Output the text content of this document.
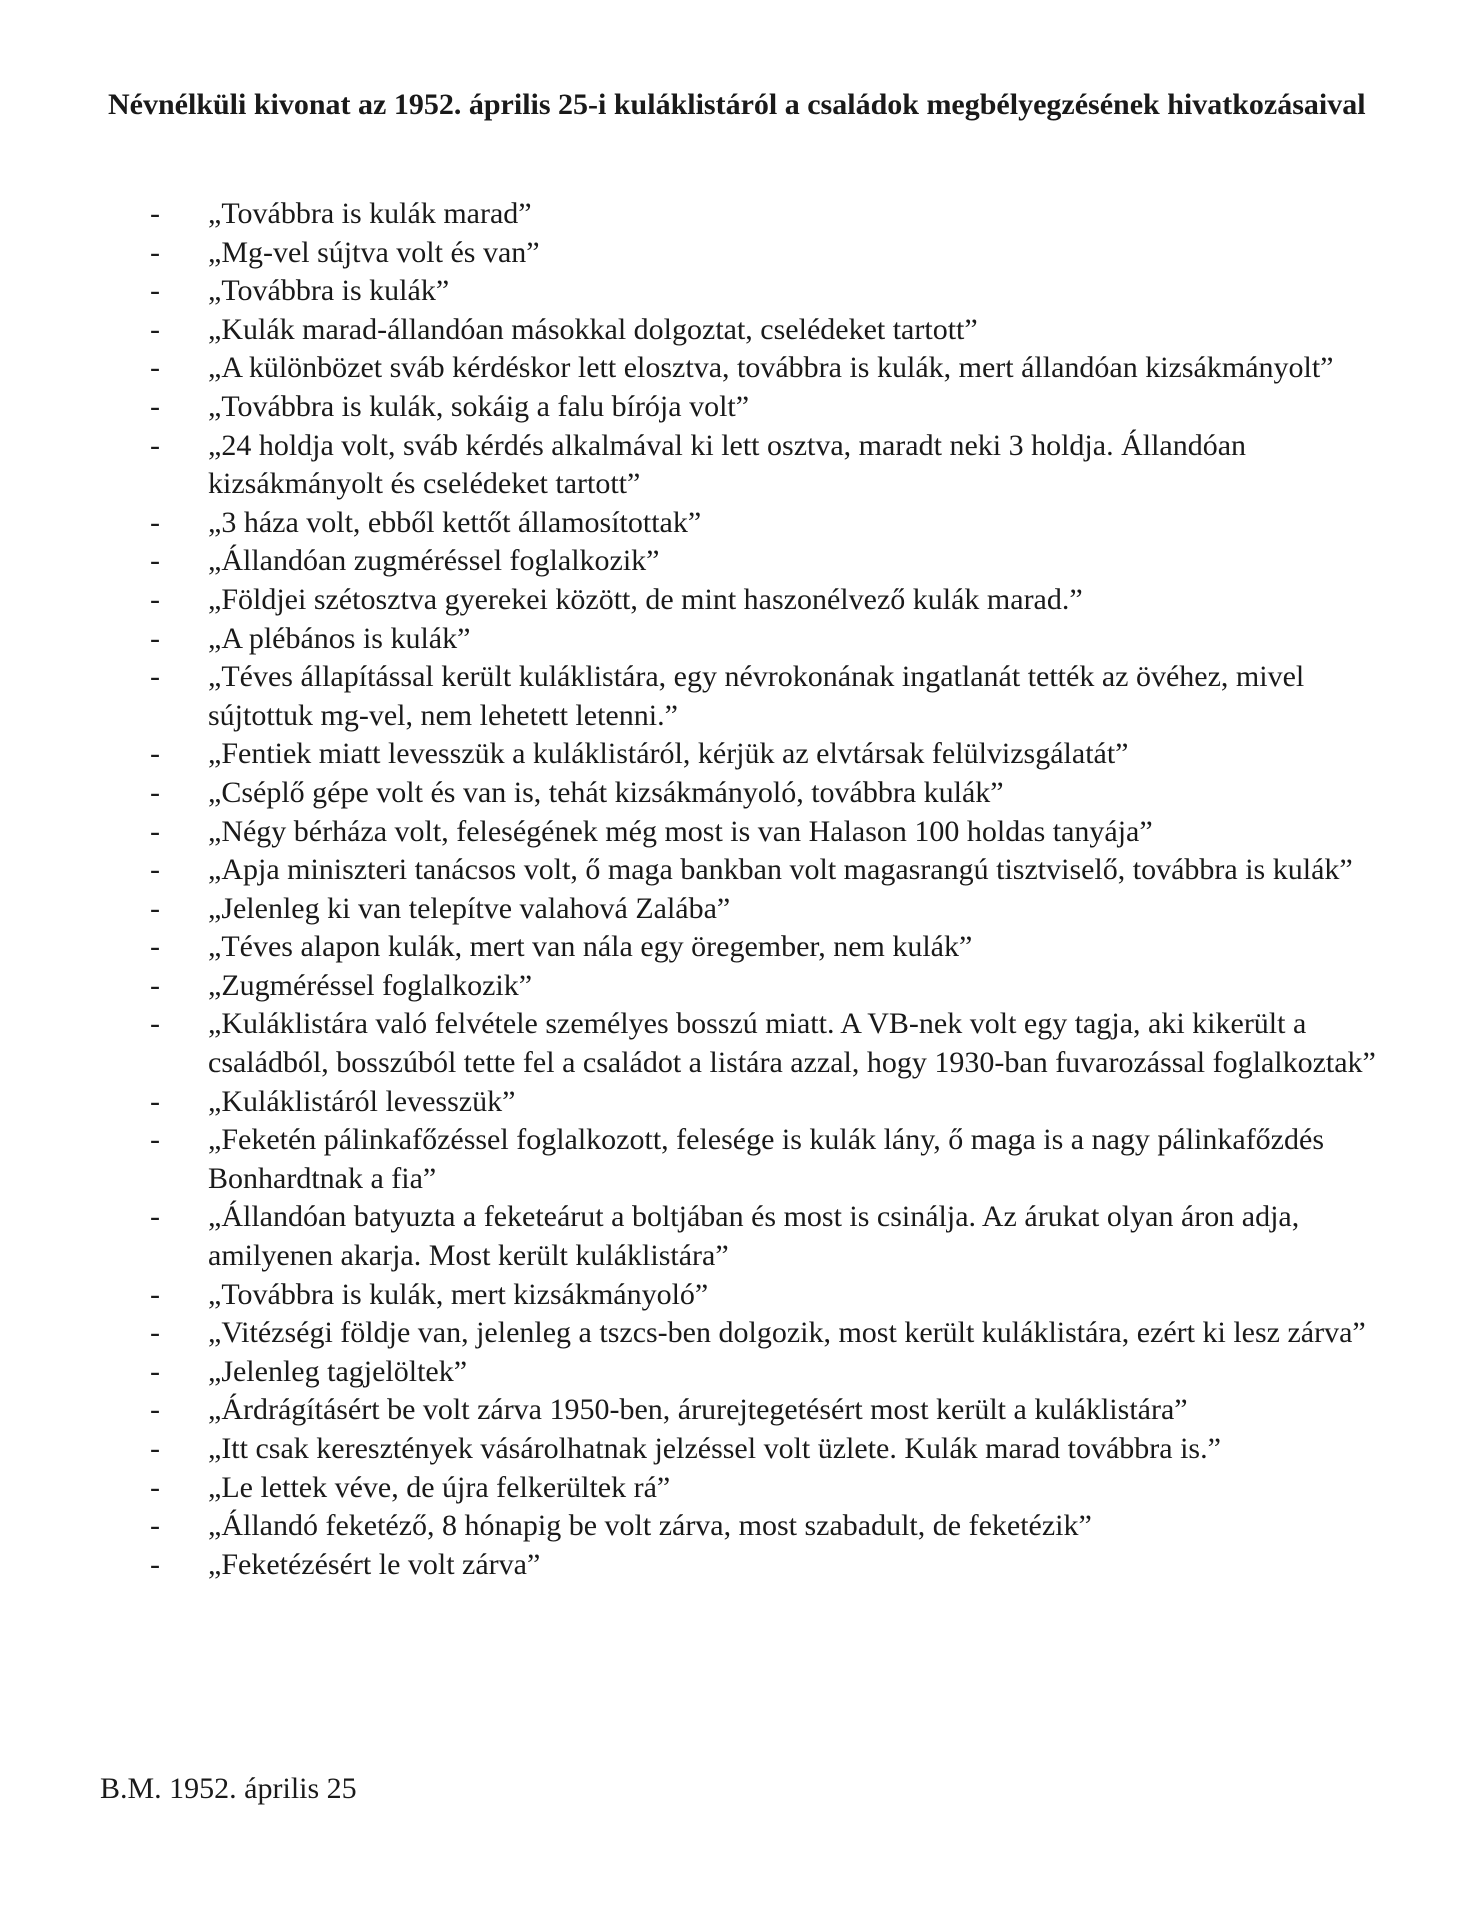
Névnélküli kivonat az 1952. április 25-i kuláklistáról a családok megbélyegzésének hivatkozásaival
-	„Továbbra is kulák marad”
-	„Mg-vel sújtva volt és van”
-	„Továbbra is kulák”
-	„Kulák marad-állandóan másokkal dolgoztat, cselédeket tartott”
-	„A különbözet sváb kérdéskor lett elosztva, továbbra is kulák, mert állandóan kizsákmányolt”
-	„Továbbra is kulák, sokáig a falu bírója volt”
-	„24 holdja volt, sváb kérdés alkalmával ki lett osztva, maradt neki 3 holdja. Állandóan kizsákmányolt és cselédeket tartott”
-	„3 háza volt, ebből kettőt államosítottak”
-	„Állandóan zugméréssel foglalkozik”
-	„Földjei szétosztva gyerekei között, de mint haszonélvező kulák marad.”
-	„A plébános is kulák”
-	„Téves állapítással került kuláklistára, egy névrokonának ingatlanát tették az övéhez, mivel sújtottuk mg-vel, nem lehetett letenni.”
-	„Fentiek miatt levesszük a kuláklistáról, kérjük az elvtársak felülvizsgálatát”
-	„Cséplő gépe volt és van is, tehát kizsákmányoló, továbbra kulák”
-	„Négy bérháza volt, feleségének még most is van Halason 100 holdas tanyája”
-	„Apja miniszteri tanácsos volt, ő maga bankban volt magasrangú tisztviselő, továbbra is kulák”
-	„Jelenleg ki van telepítve valahová Zalába”
-	„Téves alapon kulák, mert van nála egy öregember, nem kulák”
-	„Zugméréssel foglalkozik”
-	„Kuláklistára való felvétele személyes bosszú miatt. A VB-nek volt egy tagja, aki kikerült a családból, bosszúból tette fel a családot a listára azzal, hogy 1930-ban fuvarozással foglalkoztak”
-	„Kuláklistáról levesszük”
-	„Feketén pálinkafőzéssel foglalkozott, felesége is kulák lány, ő maga is a nagy pálinkafőzdés Bonhardtnak a fia”
-	„Állandóan batyuzta a feketeárut a boltjában és most is csinálja. Az árukat olyan áron adja, amilyenen akarja. Most került kuláklistára”
-	„Továbbra is kulák, mert kizsákmányoló”
-	„Vitézségi földje van, jelenleg a tszcs-ben dolgozik, most került kuláklistára, ezért ki lesz zárva”
-	„Jelenleg tagjelöltek”
-	„Árdrágításért be volt zárva 1950-ben, árurejtegetésért most került a kuláklistára”
-	„Itt csak keresztények vásárolhatnak jelzéssel volt üzlete. Kulák marad továbbra is.”
-	„Le lettek véve, de újra felkerültek rá”
-	„Állandó feketéző, 8 hónapig be volt zárva, most szabadult, de feketézik”
-	„Feketézésért le volt zárva”

B.M. 1952. április 25
